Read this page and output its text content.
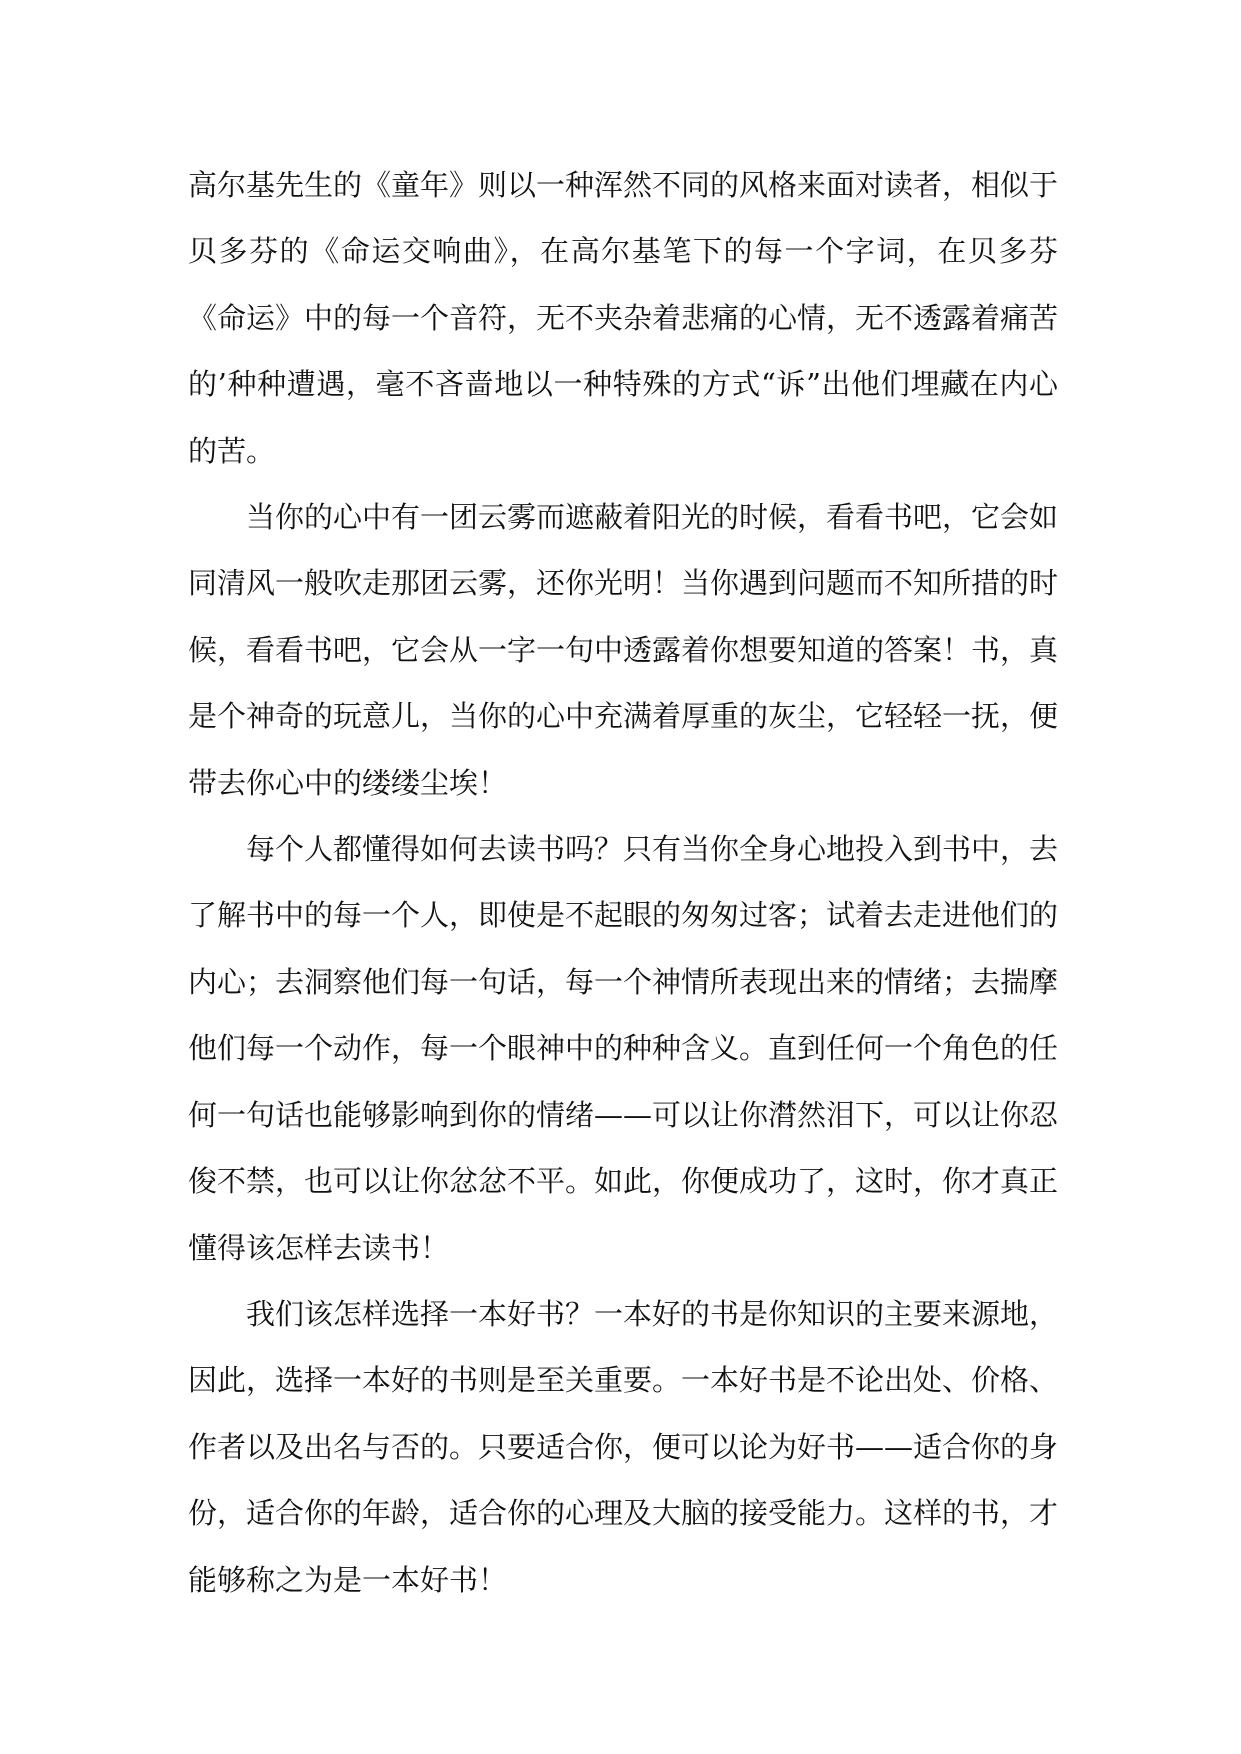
高尔基先生的《童年》则以一种浑然不同的风格来面对读者，相似于贝多芬的《命运交响曲》，在高尔基笔下的每一个字词，在贝多芬《命运》中的每一个音符，无不夹杂着悲痛的心情，无不透露着痛苦的’种种遭遇，毫不吝啬地以一种特殊的方式“诉”出他们埋藏在内心的苦。

当你的心中有一团云雾而遮蔽着阳光的时候，看看书吧，它会如同清风一般吹走那团云雾，还你光明！当你遇到问题而不知所措的时候，看看书吧，它会从一字一句中透露着你想要知道的答案！书，真是个神奇的玩意儿，当你的心中充满着厚重的灰尘，它轻轻一抚，便带去你心中的缕缕尘埃！

每个人都懂得如何去读书吗？只有当你全身心地投入到书中，去了解书中的每一个人，即使是不起眼的匆匆过客；试着去走进他们的内心；去洞察他们每一句话，每一个神情所表现出来的情绪；去揣摩他们每一个动作，每一个眼神中的种种含义。直到任何一个角色的任何一句话也能够影响到你的情绪——可以让你潸然泪下，可以让你忍俊不禁，也可以让你忿忿不平。如此，你便成功了，这时，你才真正懂得该怎样去读书！

我们该怎样选择一本好书？一本好的书是你知识的主要来源地，因此，选择一本好的书则是至关重要。一本好书是不论出处、价格、作者以及出名与否的。只要适合你，便可以论为好书——适合你的身份，适合你的年龄，适合你的心理及大脑的接受能力。这样的书，才能够称之为是一本好书！
